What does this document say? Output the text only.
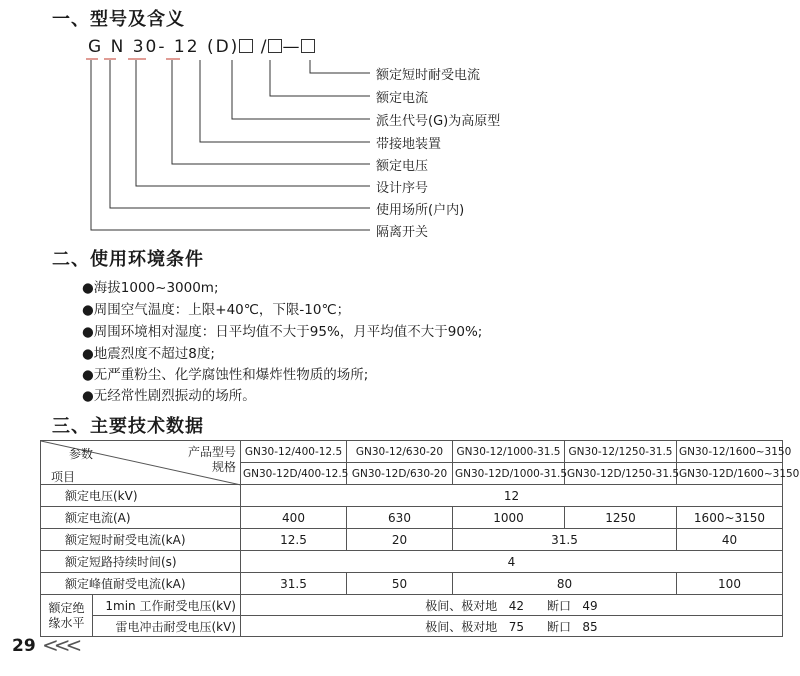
一、型号及含义
G N 30- 12 (D) / —
额定短时耐受电流
额定电流
派生代号(G)为高原型
带接地装置
额定电压
设计序号
使用场所(户内)
隔离开关
二、使用环境条件
●海拔1000~3000m;
●周围空气温度：上限+40℃，下限-10℃；
●周围环境相对湿度：日平均值不大于95%，月平均值不大于90%;
●地震烈度不超过8度;
●无严重粉尘、化学腐蚀性和爆炸性物质的场所;
●无经常性剧烈振动的场所。
三、主要技术数据
参数 产品型号
规格
项目		GN30-12/400-12.5	GN30-12/630-20	GN30-12/1000-31.5	GN30-12/1250-31.5	GN30-12/1600~3150
		GN30-12D/400-12.5	GN30-12D/630-20	GN30-12D/1000-31.5	GN30-12D/1250-31.5	GN30-12D/1600~3150
额定电压(kV)		12				
额定电流(A)		400	630	1000	1250	1600~3150
额定短时耐受电流(kA)		12.5	20	31.5		40
额定短路持续时间(s)		4				
额定峰值耐受电流(kA)		31.5	50	80		100
额定绝
缘水平	1min 工作耐受电压(kV)	极间、极对地 42 断口 49				
	雷电冲击耐受电压(kV)	极间、极对地 75 断口 85				
29 <<<
